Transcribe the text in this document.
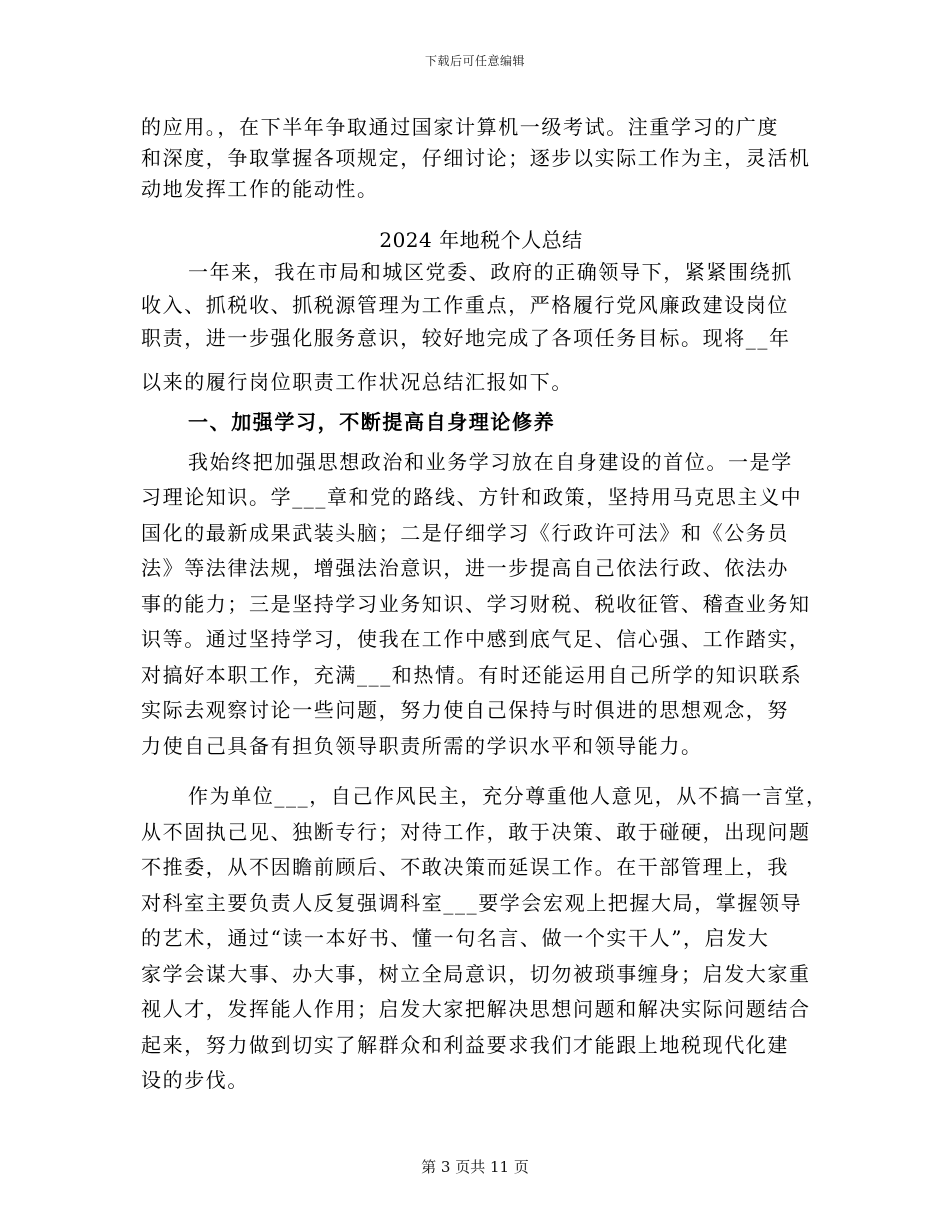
下载后可任意编辑
的应用。，在下半年争取通过国家计算机一级考试。注重学习的广度
和深度，争取掌握各项规定，仔细讨论；逐步以实际工作为主，灵活机
动地发挥工作的能动性。
2024 年地税个人总结
一年来，我在市局和城区党委、政府的正确领导下，紧紧围绕抓
收入、抓税收、抓税源管理为工作重点，严格履行党风廉政建设岗位
职责，进一步强化服务意识，较好地完成了各项任务目标。现将__年
以来的履行岗位职责工作状况总结汇报如下。
一、加强学习，不断提高自身理论修养
我始终把加强思想政治和业务学习放在自身建设的首位。一是学
习理论知识。学___章和党的路线、方针和政策，坚持用马克思主义中
国化的最新成果武装头脑；二是仔细学习《行政许可法》和《公务员
法》等法律法规，增强法治意识，进一步提高自己依法行政、依法办
事的能力；三是坚持学习业务知识、学习财税、税收征管、稽查业务知
识等。通过坚持学习，使我在工作中感到底气足、信心强、工作踏实，
对搞好本职工作，充满___和热情。有时还能运用自己所学的知识联系
实际去观察讨论一些问题，努力使自己保持与时俱进的思想观念，努
力使自己具备有担负领导职责所需的学识水平和领导能力。
作为单位___，自己作风民主，充分尊重他人意见，从不搞一言堂，
从不固执己见、独断专行；对待工作，敢于决策、敢于碰硬，出现问题
不推委，从不因瞻前顾后、不敢决策而延误工作。在干部管理上，我
对科室主要负责人反复强调科室___要学会宏观上把握大局，掌握领导
的艺术，通过“读一本好书、懂一句名言、做一个实干人”，启发大
家学会谋大事、办大事，树立全局意识，切勿被琐事缠身；启发大家重
视人才，发挥能人作用；启发大家把解决思想问题和解决实际问题结合
起来，努力做到切实了解群众和利益要求我们才能跟上地税现代化建
设的步伐。
第 3 页共 11 页
